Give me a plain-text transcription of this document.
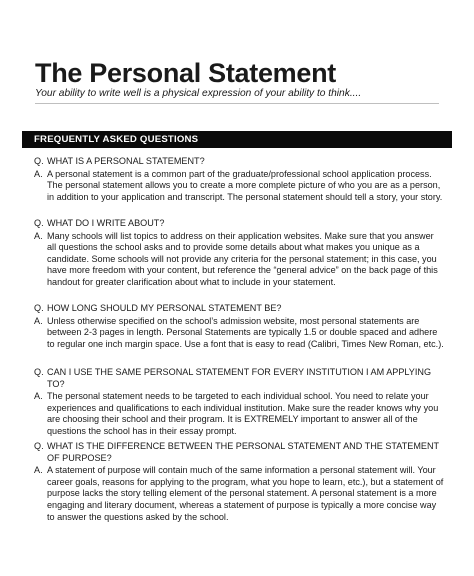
The Personal Statement
Your ability to write well is a physical expression of your ability to think....
FREQUENTLY ASKED QUESTIONS
Q. WHAT IS A PERSONAL STATEMENT?
A. A personal statement is a common part of the graduate/professional school application process. The personal statement allows you to create a more complete picture of who you are as a person, in addition to your application and transcript. The personal statement should tell a story, your story.
Q. WHAT DO I WRITE ABOUT?
A. Many schools will list topics to address on their application websites. Make sure that you answer all questions the school asks and to provide some details about what makes you unique as a candidate. Some schools will not provide any criteria for the personal statement; in this case, you have more freedom with your content, but reference the “general advice” on the back page of this handout for greater clarification about what to include in your statement.
Q. HOW LONG SHOULD MY PERSONAL STATEMENT BE?
A. Unless otherwise specified on the school’s admission website, most personal statements are between 2-3 pages in length. Personal Statements are typically 1.5 or double spaced and adhere to regular one inch margin space. Use a font that is easy to read (Calibri, Times New Roman, etc.).
Q. CAN I USE THE SAME PERSONAL STATEMENT FOR EVERY INSTITUTION I AM APPLYING TO?
A. The personal statement needs to be targeted to each individual school. You need to relate your experiences and qualifications to each individual institution. Make sure the reader knows why you are choosing their school and their program. It is EXTREMELY important to answer all of the questions the school has in their essay prompt.
Q. WHAT IS THE DIFFERENCE BETWEEN THE PERSONAL STATEMENT AND THE STATEMENT OF PURPOSE?
A. A statement of purpose will contain much of the same information a personal statement will. Your career goals, reasons for applying to the program, what you hope to learn, etc.), but a statement of purpose lacks the story telling element of the personal statement. A personal statement is a more engaging and literary document, whereas a statement of purpose is typically a more concise way to answer the questions asked by the school.
